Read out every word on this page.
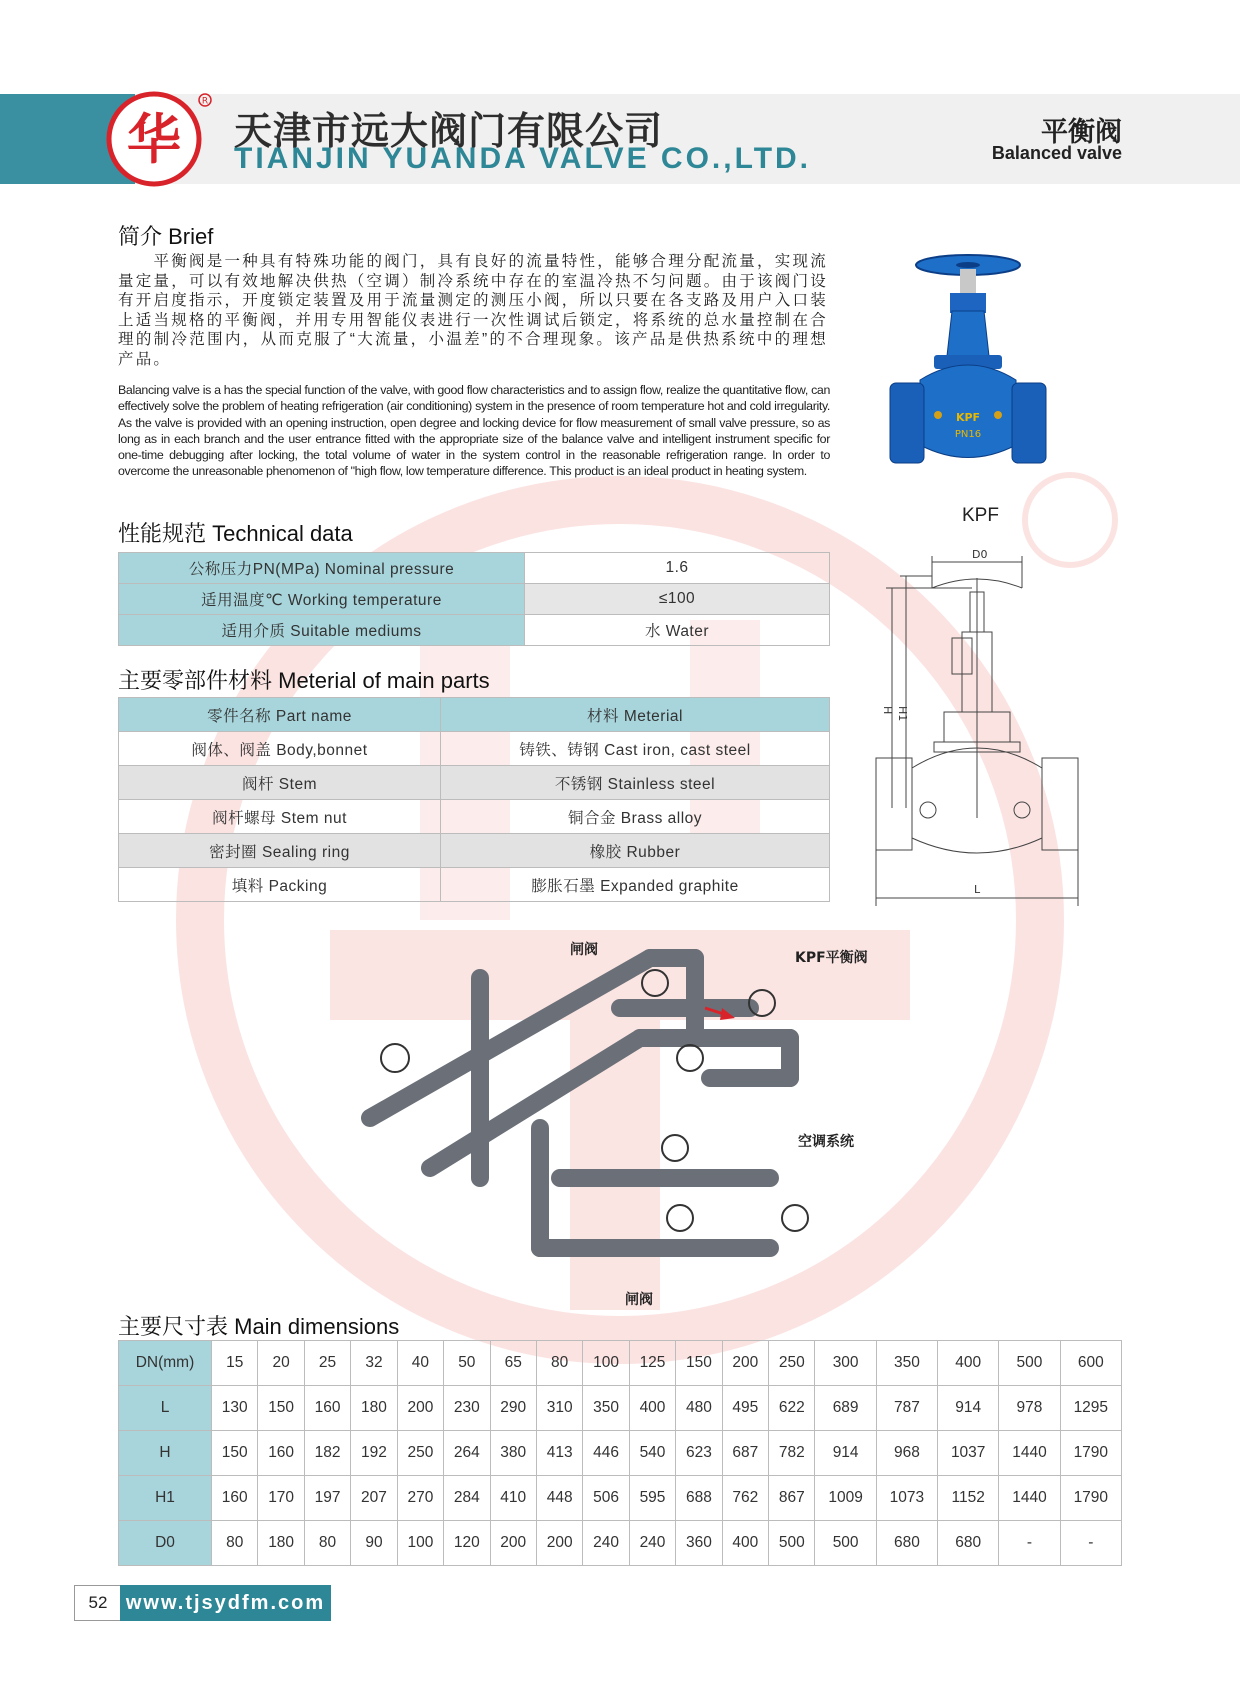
华
R
天津市远大阀门有限公司
TIANJIN YUANDA VALVE CO.,LTD.
平衡阀
Balanced valve
简介 Brief
　　平衡阀是一种具有特殊功能的阀门，具有良好的流量特性，能够合理分配流量，实现流量定量，可以有效地解决供热（空调）制冷系统中存在的室温冷热不匀问题。由于该阀门设有开启度指示，开度锁定装置及用于流量测定的测压小阀，所以只要在各支路及用户入口装上适当规格的平衡阀，并用专用智能仪表进行一次性调试后锁定，将系统的总水量控制在合理的制冷范围内，从而克服了“大流量，小温差”的不合理现象。该产品是供热系统中的理想产品。
Balancing valve is a has the special function of the valve, with good flow characteristics and to assign flow, realize the quantitative flow, can effectively solve the problem of heating refrigeration (air conditioning) system in the presence of room temperature hot and cold irregularity. As the valve is provided with an opening instruction, open degree and locking device for flow measurement of small valve pressure, so as long as in each branch and the user entrance fitted with the appropriate size of the balance valve and intelligent instrument specific for one-time debugging after locking, the total volume of water in the system control in the reasonable refrigeration range. In order to overcome the unreasonable phenomenon of "high flow, low temperature difference. This product is an ideal product in heating system.
性能规范 Technical data
公称压力PN(MPa) Nominal pressure	1.6
适用温度℃ Working temperature	≤100
适用介质 Suitable mediums	水 Water
主要零部件材料 Meterial of main parts
零件名称 Part name	材料 Meterial
阀体、阀盖 Body,bonnet	铸铁、铸钢 Cast iron, cast steel
阀杆 Stem	不锈钢 Stainless steel
阀杆螺母 Stem nut	铜合金 Brass alloy
密封圈 Sealing ring	橡胶 Rubber
填料 Packing	膨胀石墨 Expanded graphite
KPF
PN16
KPF
D0
H H1
L
闸阀	KPF平衡阀
空调系统
闸阀
主要尺寸表 Main dimensions
DN(mm)	15	20	25	32	40	50	65	80	100	125	150	200	250	300	350	400	500	600
L	130	150	160	180	200	230	290	310	350	400	480	495	622	689	787	914	978	1295
H	150	160	182	192	250	264	380	413	446	540	623	687	782	914	968	1037	1440	1790
H1	160	170	197	207	270	284	410	448	506	595	688	762	867	1009	1073	1152	1440	1790
D0	80	180	80	90	100	120	200	200	240	240	360	400	500	500	680	680	-	-
52 www.tjsydfm.com
